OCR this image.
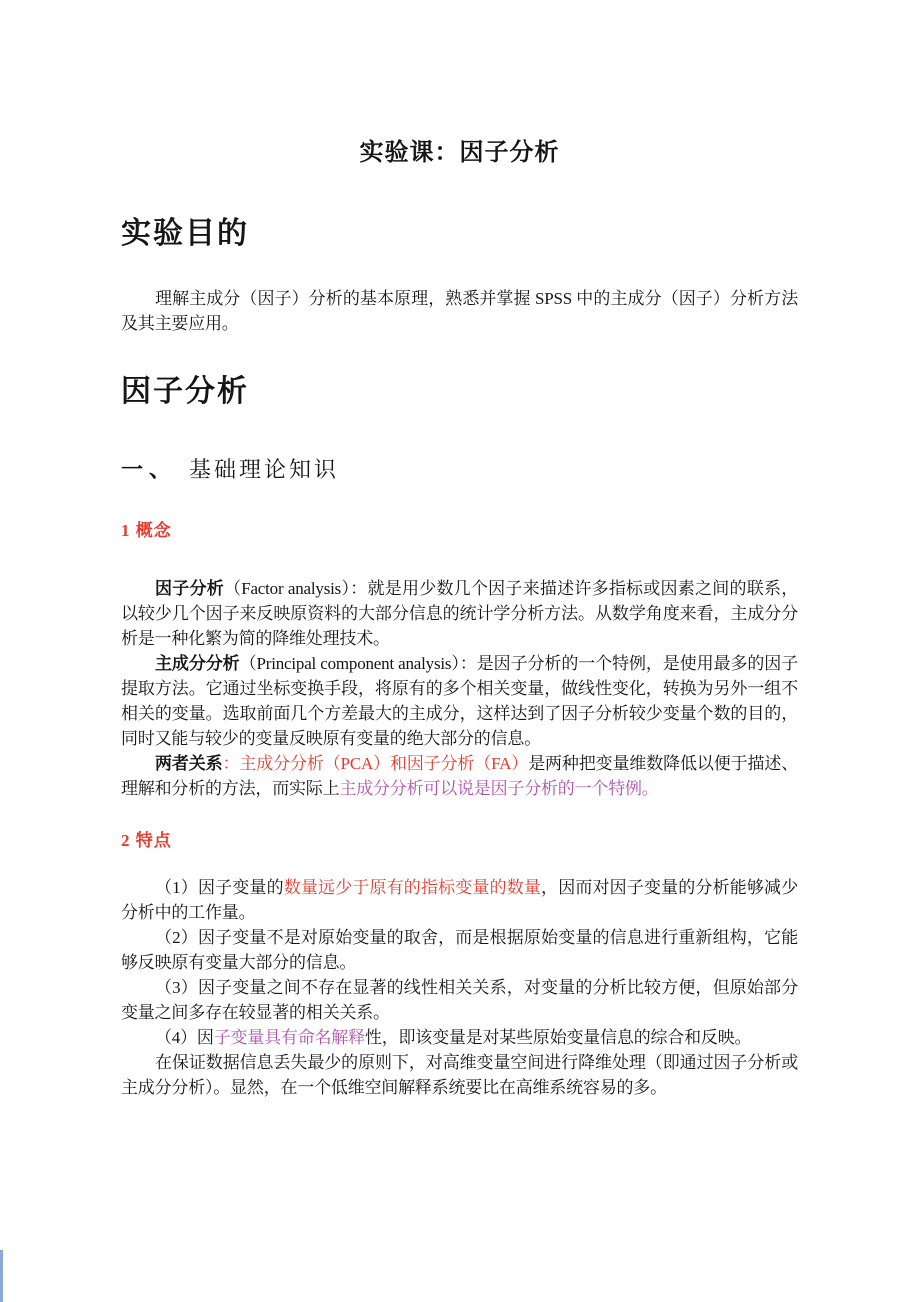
实验课：因子分析
实验目的

理解主成分（因子）分析的基本原理，熟悉并掌握 SPSS 中的主成分（因子）分析方法及其主要应用。

因子分析
一、 基础理论知识
1 概念

因子分析（Factor analysis）：就是用少数几个因子来描述许多指标或因素之间的联系，以较少几个因子来反映原资料的大部分信息的统计学分析方法。从数学角度来看，主成分分析是一种化繁为简的降维处理技术。

主成分分析（Principal component analysis）：是因子分析的一个特例，是使用最多的因子提取方法。它通过坐标变换手段，将原有的多个相关变量，做线性变化，转换为另外一组不相关的变量。选取前面几个方差最大的主成分，这样达到了因子分析较少变量个数的目的，同时又能与较少的变量反映原有变量的绝大部分的信息。

两者关系：主成分分析（PCA）和因子分析（FA）是两种把变量维数降低以便于描述、理解和分析的方法，而实际上主成分分析可以说是因子分析的一个特例。

2 特点

（1）因子变量的数量远少于原有的指标变量的数量，因而对因子变量的分析能够减少分析中的工作量。

（2）因子变量不是对原始变量的取舍，而是根据原始变量的信息进行重新组构，它能够反映原有变量大部分的信息。

（3）因子变量之间不存在显著的线性相关关系，对变量的分析比较方便，但原始部分变量之间多存在较显著的相关关系。

（4）因子变量具有命名解释性，即该变量是对某些原始变量信息的综合和反映。

在保证数据信息丢失最少的原则下，对高维变量空间进行降维处理（即通过因子分析或主成分分析）。显然，在一个低维空间解释系统要比在高维系统容易的多。
